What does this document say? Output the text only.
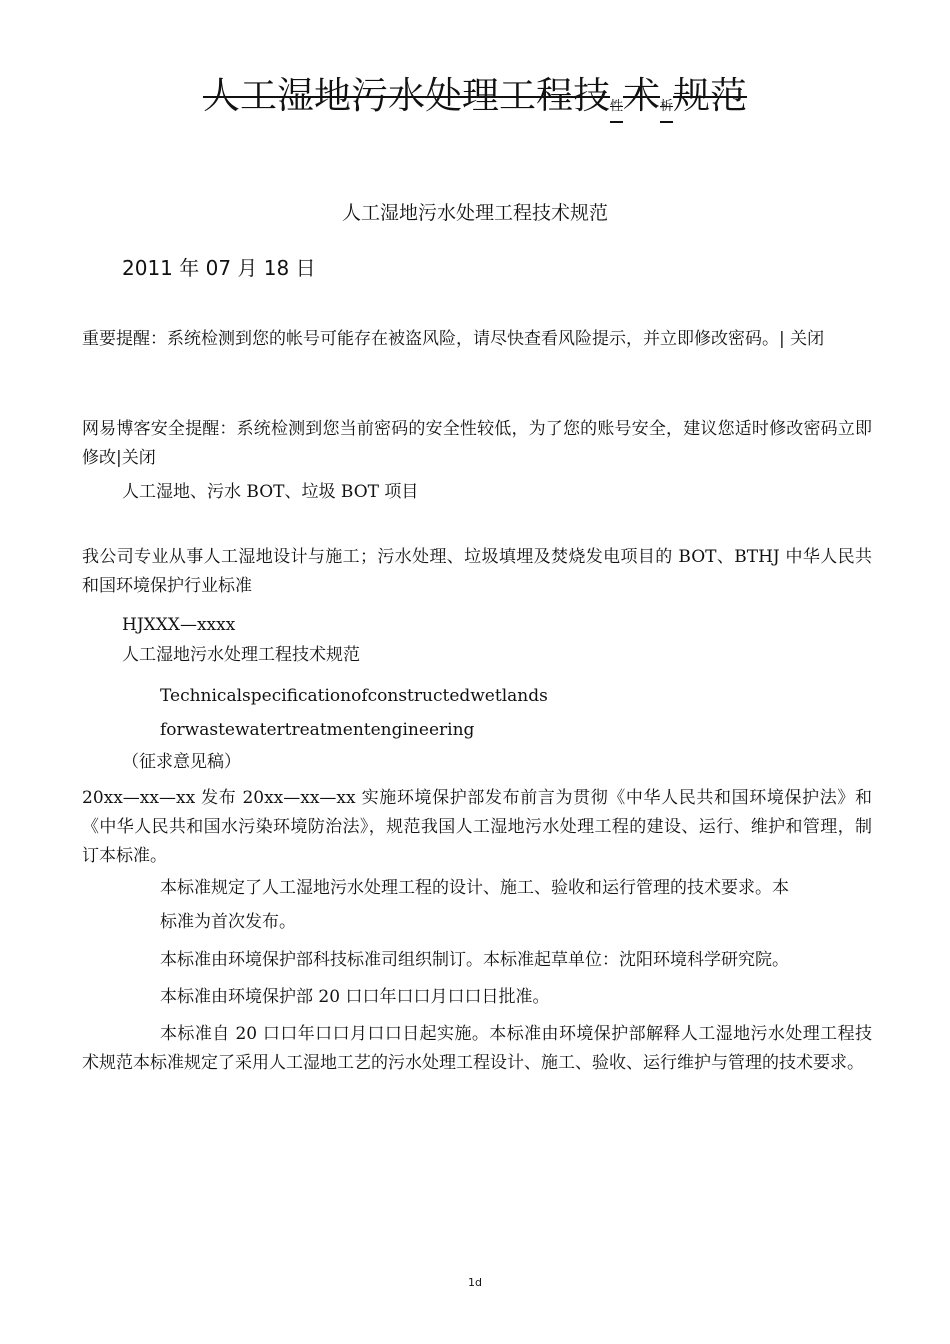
人工湿地污水处理工程技性术析规范
人工湿地污水处理工程技术规范
2011 年 07 月 18 日
重要提醒：系统检测到您的帐号可能存在被盗风险，请尽快查看风险提示，并立即修改密码。| 关闭
网易博客安全提醒：系统检测到您当前密码的安全性较低，为了您的账号安全，建议您适时修改密码立即修改|关闭
人工湿地、污水 BOT、垃圾 BOT 项目
我公司专业从事人工湿地设计与施工；污水处理、垃圾填埋及焚烧发电项目的 BOT、BTHJ 中华人民共和国环境保护行业标准
HJXXX—xxxx
人工湿地污水处理工程技术规范
Technicalspecificationofconstructedwetlands
forwastewatertreatmentengineering
（征求意见稿）
20xx—xx—xx 发布 20xx—xx—xx 实施环境保护部发布前言为贯彻《中华人民共和国环境保护法》和《中华人民共和国水污染环境防治法》，规范我国人工湿地污水处理工程的建设、运行、维护和管理，制订本标准。
本标准规定了人工湿地污水处理工程的设计、施工、验收和运行管理的技术要求。本
标准为首次发布。
本标准由环境保护部科技标准司组织制订。本标准起草单位：沈阳环境科学研究院。
本标准由环境保护部 20 口口年口口月口口日批准。
本标准自 20 口口年口口月口口日起实施。本标准由环境保护部解释人工湿地污水处理工程技术规范本标准规定了采用人工湿地工艺的污水处理工程设计、施工、验收、运行维护与管理的技术要求。
1d
